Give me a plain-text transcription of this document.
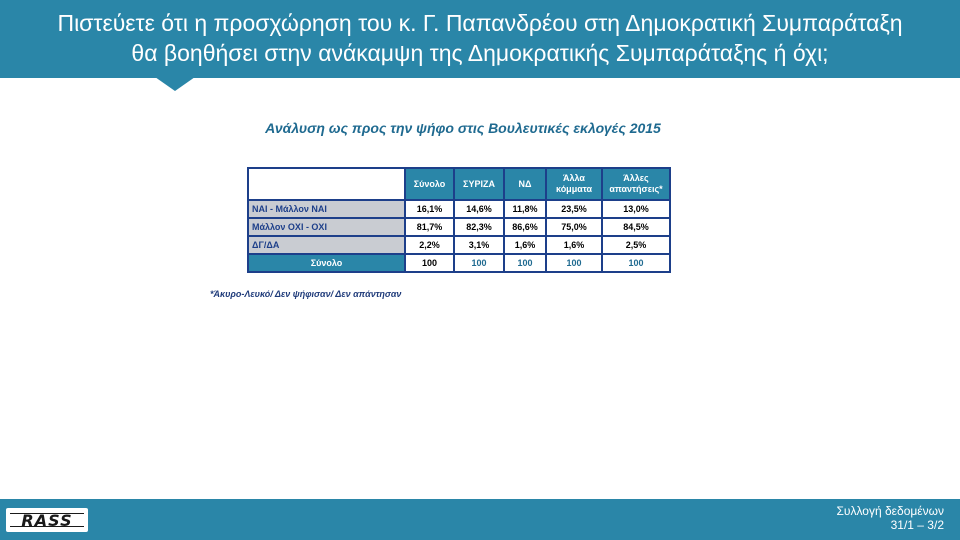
Πιστεύετε ότι η προσχώρηση του κ. Γ. Παπανδρέου στη Δημοκρατική Συμπαράταξη
θα βοηθήσει στην ανάκαμψη της Δημοκρατικής Συμπαράταξης ή όχι;
Ανάλυση ως προς την ψήφο στις Βουλευτικές εκλογές 2015
	Σύνολο	ΣΥΡΙΖΑ	ΝΔ	Άλλα κόμματα	Άλλες απαντήσεις*
ΝΑΙ - Μάλλον ΝΑΙ	16,1%	14,6%	11,8%	23,5%	13,0%
Μάλλον ΟΧΙ - ΟΧΙ	81,7%	82,3%	86,6%	75,0%	84,5%
ΔΓ/ΔΑ	2,2%	3,1%	1,6%	1,6%	2,5%
Σύνολο	100	100	100	100	100
*Άκυρο-Λευκό/ Δεν ψήφισαν/ Δεν απάντησαν
RASS	Συλλογή δεδομένων
31/1 – 3/2
